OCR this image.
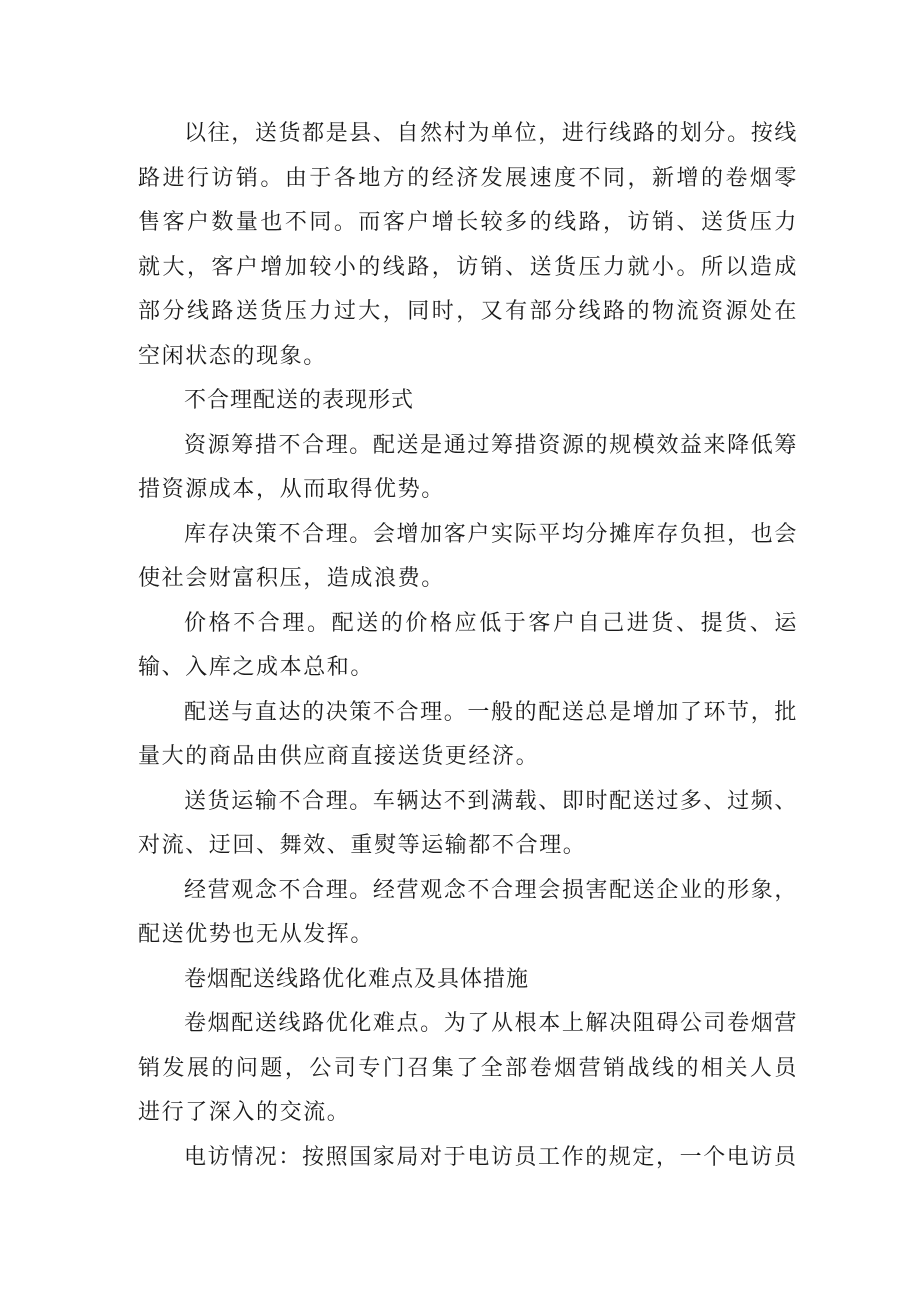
以往，送货都是县、自然村为单位，进行线路的划分。按线路进行访销。由于各地方的经济发展速度不同，新增的卷烟零售客户数量也不同。而客户增长较多的线路，访销、送货压力就大，客户增加较小的线路，访销、送货压力就小。所以造成部分线路送货压力过大，同时，又有部分线路的物流资源处在空闲状态的现象。

不合理配送的表现形式

资源筹措不合理。配送是通过筹措资源的规模效益来降低筹措资源成本，从而取得优势。

库存决策不合理。会增加客户实际平均分摊库存负担，也会使社会财富积压，造成浪费。

价格不合理。配送的价格应低于客户自己进货、提货、运输、入库之成本总和。

配送与直达的决策不合理。一般的配送总是增加了环节，批量大的商品由供应商直接送货更经济。

送货运输不合理。车辆达不到满载、即时配送过多、过频、对流、迂回、舞效、重熨等运输都不合理。

经营观念不合理。经营观念不合理会损害配送企业的形象，配送优势也无从发挥。

卷烟配送线路优化难点及具体措施

卷烟配送线路优化难点。为了从根本上解决阻碍公司卷烟营销发展的问题，公司专门召集了全部卷烟营销战线的相关人员进行了深入的交流。

电访情况：按照国家局对于电访员工作的规定，一个电访员
